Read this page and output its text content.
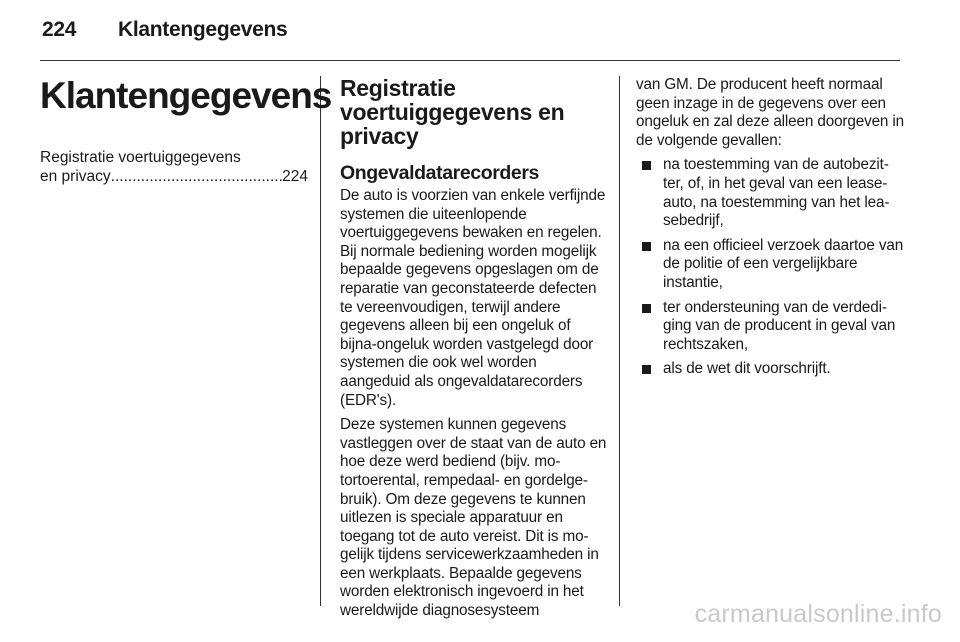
224 Klantengegevens
Klantengegevens
Registratie voertuiggegevens
en privacy
.....	224
Registratie voertuiggegevens en privacy
Ongevaldatarecorders

De auto is voorzien van enkele verfijnde systemen die uiteenlopende voertuiggegevens bewaken en regelen. Bij normale bediening worden mogelijk bepaalde gegevens opgeslagen om de reparatie van geconstateerde defecten te vereenvoudigen, terwijl andere gegevens alleen bij een ongeluk of bijna-ongeluk worden vastgelegd door systemen die ook wel worden aangeduid als ongevaldatarecorders (EDR's).

Deze systemen kunnen gegevens vastleggen over de staat van de auto en hoe deze werd bediend (bijv. motortoerental, rempedaal- en gordelgebruik). Om deze gegevens te kunnen uitlezen is speciale apparatuur en toegang tot de auto vereist. Dit is mogelijk tijdens servicewerkzaamheden in een werkplaats. Bepaalde gegevens worden elektronisch ingevoerd in het wereldwijde diagnosesysteem

van GM. De producent heeft normaal geen inzage in de gegevens over een ongeluk en zal deze alleen doorgeven in de volgende gevallen:

na toestemming van de autobezitter, of, in het geval van een leaseauto, na toestemming van het leasebedrijf,
na een officieel verzoek daartoe van de politie of een vergelijkbare instantie,
ter ondersteuning van de verdediging van de producent in geval van rechtszaken,
als de wet dit voorschrijft.
carmanualsonline.info
